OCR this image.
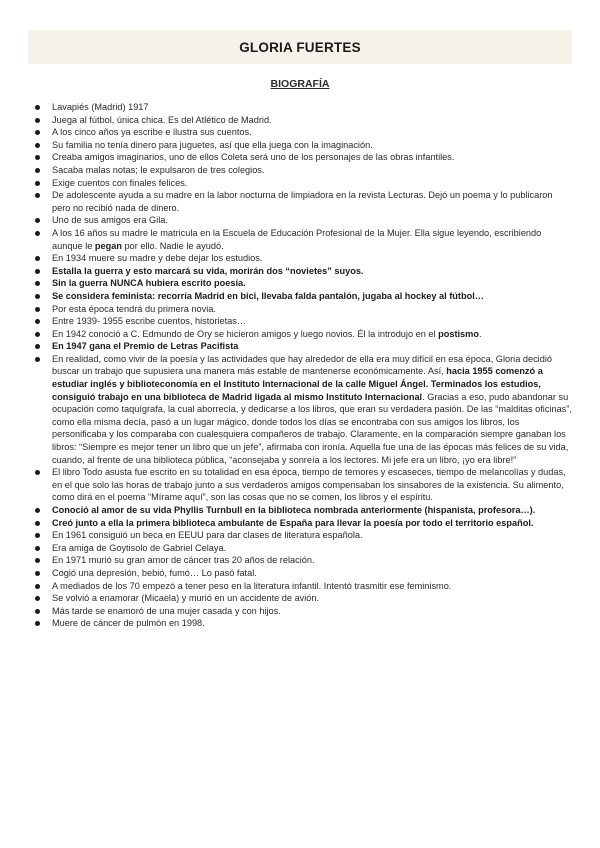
GLORIA FUERTES
BIOGRAFÍA
Lavapiés (Madrid) 1917
Juega al fútbol, única chica. Es del Atlético de Madrid.
A los cinco años ya escribe e ilustra sus cuentos.
Su familia no tenía dinero para juguetes, así que ella juega con la imaginación.
Creaba amigos imaginarios, uno de ellos Coleta será uno de los personajes de las obras infantiles.
Sacaba malas notas; le expulsaron de tres colegios.
Exige cuentos con finales felices.
De adolescente ayuda a su madre en la labor nocturna de limpiadora en la revista Lecturas. Dejó un poema y lo publicaron pero no recibió nada de dinero.
Uno de sus amigos era Gila.
A los 16 años su madre le matricula en la Escuela de Educación Profesional de la Mujer. Ella sigue leyendo, escribiendo aunque le pegan por ello. Nadie le ayudó.
En 1934 muere su madre y debe dejar los estudios.
Estalla la guerra y esto marcará su vida, morirán dos “novietes” suyos.
Sin la guerra NUNCA hubiera escrito poesía.
Se considera feminista: recorría Madrid en bici, llevaba falda pantalón, jugaba al hockey al fútbol…
Por esta época tendrá du primera novia.
Entre 1939- 1955 escribe cuentos, historietas…
En 1942 conoció a C. Edmundo de Ory se hicieron amigos y luego novios. Él la introdujo en el postismo.
En 1947 gana el Premio de Letras Pacifista
En realidad, como vivir de la poesía y las actividades que hay alrededor de ella era muy difícil en esa época, Gloria decidió buscar un trabajo que supusiera una manera más estable de mantenerse económicamente. Así, hacia 1955 comenzó a estudiar inglés y biblioteconomía en el Instituto Internacional de la calle Miguel Ángel. Terminados los estudios, consiguió trabajo en una biblioteca de Madrid ligada al mismo Instituto Internacional. Gracias a eso, pudo abandonar su ocupación como taquígrafa, la cual aborrecía, y dedicarse a los libros, que eran su verdadera pasión. De las “malditas oficinas”, como ella misma decía, pasó a un lugar mágico, donde todos los días se encontraba con sus amigos los libros, los personificaba y los comparaba con cualesquiera compañeros de trabajo. Claramente, en la comparación siempre ganaban los libros: “Siempre es mejor tener un libro que un jefe”, afirmaba con ironía. Aquella fue una de las épocas más felices de su vida, cuando, al frente de una biblioteca pública, “aconsejaba y sonreía a los lectores. Mi jefe era un libro, ¡yo era libre!”
El libro Todo asusta fue escrito en su totalidad en esa época, tiempo de temores y escaseces, tiempo de melancolías y dudas, en el que solo las horas de trabajo junto a sus verdaderos amigos compensaban los sinsabores de la existencia. Su alimento, como dirá en el poema “Mírame aquí”, son las cosas que no se comen, los libros y el espíritu.
Conoció al amor de su vida Phyllis Turnbull en la biblioteca nombrada anteriormente (hispanista, profesora…).
Creó junto a ella la primera biblioteca ambulante de España para llevar la poesía por todo el territorio español.
En 1961 consiguió un beca en EEUU para dar clases de literatura española.
Era amiga de Goytisolo de Gabriel Celaya.
En 1971 murió su gran amor de cáncer tras 20 años de relación.
Cogió una depresión, bebió, fumó… Lo pasó fatal.
A mediados de los 70 empezó a tener peso en la literatura infantil. Intentó trasmitir ese feminismo.
Se volvió a enamorar (Micaela) y murió en un accidente de avión.
Más tarde se enamoró de una mujer casada y con hijos.
Muere de cáncer de pulmón en 1998.
